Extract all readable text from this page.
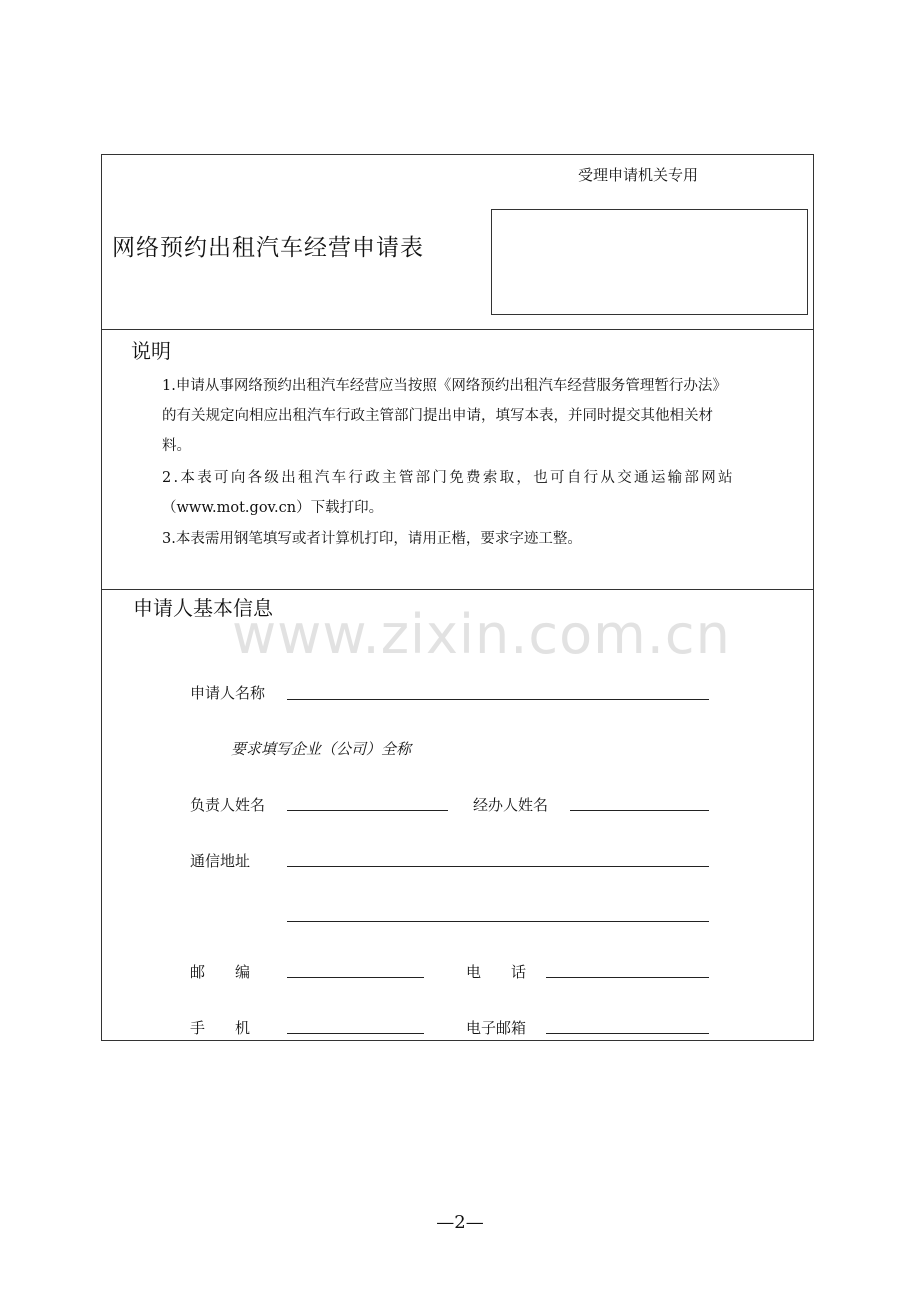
受理申请机关专用
网络预约出租汽车经营申请表
说明
1.申请从事网络预约出租汽车经营应当按照《网络预约出租汽车经营服务管理暂行办法》
的有关规定向相应出租汽车行政主管部门提出申请，填写本表，并同时提交其他相关材
料。
2.本表可向各级出租汽车行政主管部门免费索取，也可自行从交通运输部网站
（www.mot.gov.cn）下载打印。
3.本表需用钢笔填写或者计算机打印，请用正楷，要求字迹工整。
申请人基本信息
申请人名称
要求填写企业（公司）全称
负责人姓名	经办人姓名
通信地址
邮　　编	电　　话
手　　机	电子邮箱
www.zixin.com.cn
—2—
